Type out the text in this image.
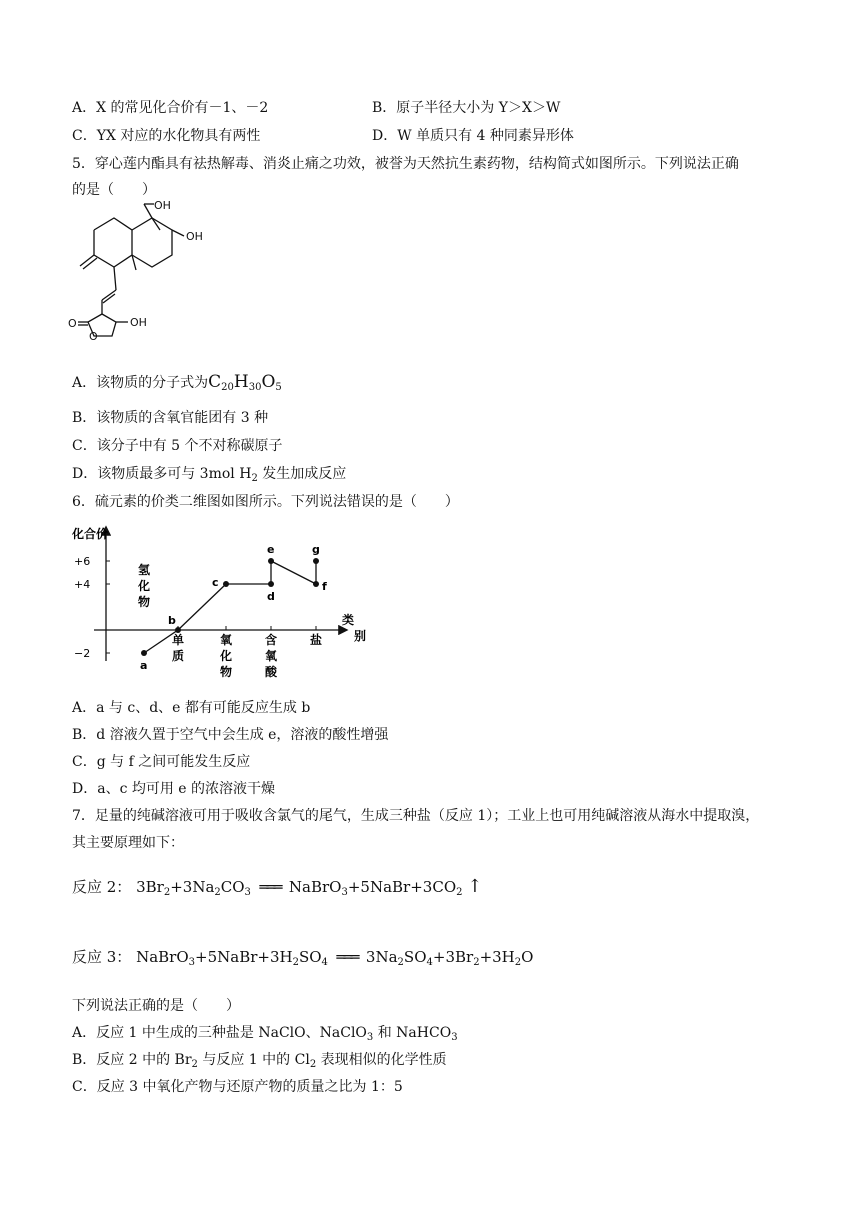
A．X 的常见化合价有－1、－2	B．原子半径大小为 Y＞X＞W
C．YX 对应的水化物具有两性	D．W 单质只有 4 种同素异形体
5．穿心莲内酯具有祛热解毒、消炎止痛之功效，被誉为天然抗生素药物，结构简式如图所示。下列说法正确
的是（　　）
OH
OH
OH
O
O
A．该物质的分子式为$C_{20}H_{30}O_5$
B．该物质的含氧官能团有 3 种
C．该分子中有 5 个不对称碳原子
D．该物质最多可与 3mol $H_2$ 发生加成反应
6．硫元素的价类二维图如图所示。下列说法错误的是（　　）
化合价
+6
+4
−2
类
别
氢
化
物
单
质
氧
化
物
含
氧
酸
盐
a
b
c
d
e
f
g
A．a 与 c、d、e 都有可能反应生成 b
B．d 溶液久置于空气中会生成 e，溶液的酸性增强
C．g 与 f 之间可能发生反应
D．a、c 均可用 e 的浓溶液干燥
7．足量的纯碱溶液可用于吸收含氯气的尾气，生成三种盐（反应 1）；工业上也可用纯碱溶液从海水中提取溴，
其主要原理如下：
反应 2： $3Br_2+3Na_2CO_3$ ═══ $NaBrO_3+5NaBr+3CO_2$ ↑
反应 3： $NaBrO_3+5NaBr+3H_2SO_4$ ═══ $3Na_2SO_4+3Br_2+3H_2O$
下列说法正确的是（　　）
A．反应 1 中生成的三种盐是 NaClO、NaClO$_3$ 和 NaHCO$_3$
B．反应 2 中的 $Br_2$ 与反应 1 中的 $Cl_2$ 表现相似的化学性质
C．反应 3 中氧化产物与还原产物的质量之比为 1：5
